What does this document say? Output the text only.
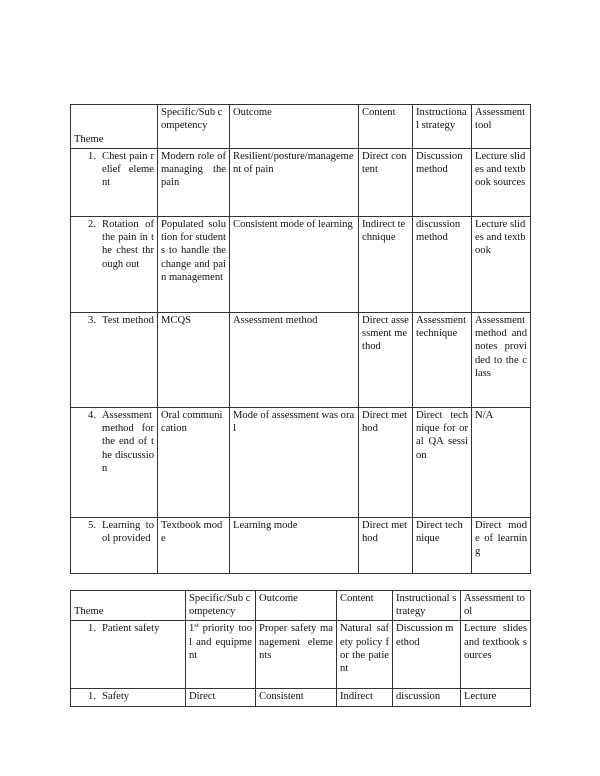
Theme	Specific/Sub competency	Outcome	Content	Instructional strategy	Assessment tool

1. Chest pain relief element	Modern role of managing the pain	Resilient/posture/management of pain	Direct content	Discussion method	Lecture slides and textbook sources

2. Rotation of the pain in the chest through out	Populated solution for students to handle the change and pain management	Consistent mode of learning	Indirect technique	discussion method	Lecture slides and textbook

3. Test method	MCQS	Assessment method	Direct assessment method	Assessment technique	Assessment method and notes provided to the class

4. Assessment method for the end of the discussion	Oral communication	Mode of assessment was oral	Direct method	Direct technique for oral QA session	N/A

5. Learning tool provided	Textbook mode	Learning mode	Direct method	Direct technique	Direct mode of learning
Theme	Specific/Sub competency	Outcome	Content	Instructional strategy	Assessment tool

1. Patient safety	1st priority tool and equipment	Proper safety management elements	Natural safety policy for the patient	Discussion method	Lecture slides and textbook sources

1. Safety	Direct	Consistent	Indirect	discussion	Lecture
